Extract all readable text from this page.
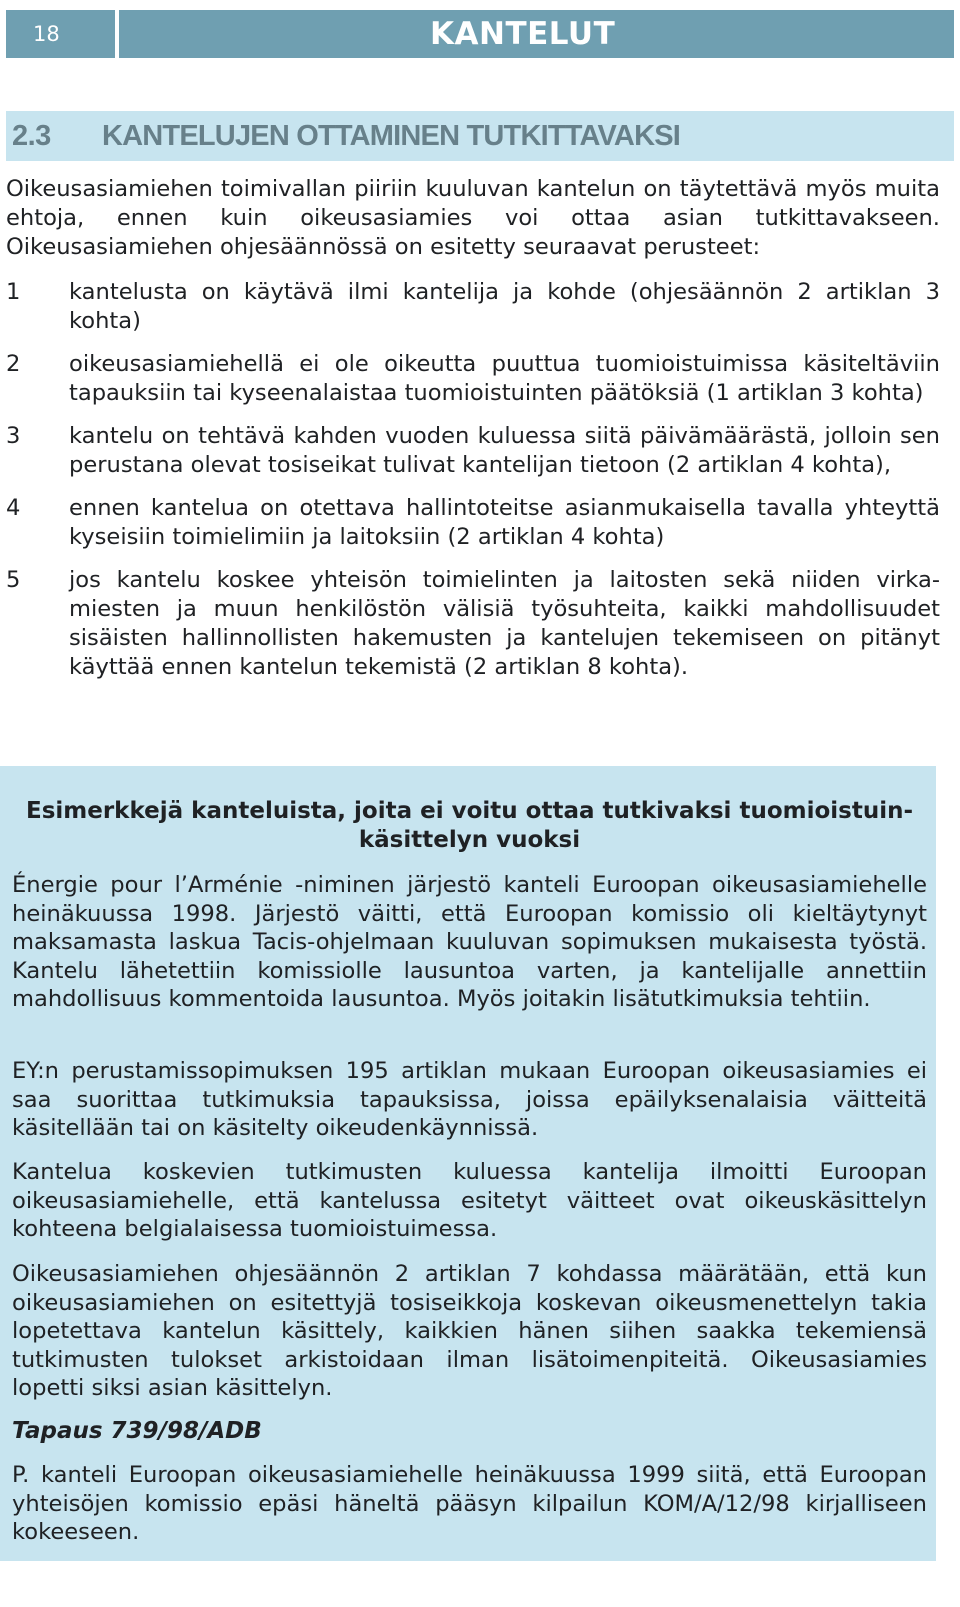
18	KANTELUT
2.3 KANTELUJEN OTTAMINEN TUTKITTAVAKSI

Oikeusasiamiehen toimivallan piiriin kuuluvan kantelun on täytettävä myös muita ehtoja, ennen kuin oikeusasiamies voi ottaa asian tutkittavakseen. Oikeusasiamiehen ohjesäännössä on esitetty seuraavat perusteet:

1 kantelusta on käytävä ilmi kantelija ja kohde (ohjesäännön 2 artiklan 3 kohta)
2 oikeusasiamiehellä ei ole oikeutta puuttua tuomioistuimissa käsiteltäviin tapauksiin tai kyseenalaistaa tuomioistuinten päätöksiä (1 artiklan 3 kohta)
3 kantelu on tehtävä kahden vuoden kuluessa siitä päivämäärästä, jolloin sen perustana olevat tosiseikat tulivat kantelijan tietoon (2 artiklan 4 kohta),
4 ennen kantelua on otettava hallintoteitse asianmukaisella tavalla yhteyttä kyseisiin toimielimiin ja laitoksiin (2 artiklan 4 kohta)
5 jos kantelu koskee yhteisön toimielinten ja laitosten sekä niiden virkamiesten ja muun henkilöstön välisiä työsuhteita, kaikki mahdollisuudet sisäisten hallinnollisten hakemusten ja kantelujen tekemiseen on pitänyt käyttää ennen kantelun tekemistä (2 artiklan 8 kohta).
Esimerkkejä kanteluista, joita ei voitu ottaa tutkivaksi tuomioistuinkäsittelyn vuoksi

Énergie pour l’Arménie -niminen järjestö kanteli Euroopan oikeusasiamiehelle heinäkuussa 1998. Järjestö väitti, että Euroopan komissio oli kieltäytynyt maksamasta laskua Tacis-ohjelmaan kuuluvan sopimuksen mukaisesta työstä. Kantelu lähetettiin komissiolle lausuntoa varten, ja kantelijalle annettiin mahdollisuus kommentoida lausuntoa. Myös joitakin lisätutkimuksia tehtiin.

EY:n perustamissopimuksen 195 artiklan mukaan Euroopan oikeusasiamies ei saa suorittaa tutkimuksia tapauksissa, joissa epäilyksenalaisia väitteitä käsitellään tai on käsitelty oikeudenkäynnissä.

Kantelua koskevien tutkimusten kuluessa kantelija ilmoitti Euroopan oikeusasiamiehelle, että kantelussa esitetyt väitteet ovat oikeuskäsittelyn kohteena belgialaisessa tuomioistuimessa.

Oikeusasiamiehen ohjesäännön 2 artiklan 7 kohdassa määrätään, että kun oikeusasiamiehen on esitettyjä tosiseikkoja koskevan oikeusmenettelyn takia lopetettava kantelun käsittely, kaikkien hänen siihen saakka tekemiensä tutkimusten tulokset arkistoidaan ilman lisätoimenpiteitä. Oikeusasiamies lopetti siksi asian käsittelyn.

Tapaus 739/98/ADB

P. kanteli Euroopan oikeusasiamiehelle heinäkuussa 1999 siitä, että Euroopan yhteisöjen komissio epäsi häneltä pääsyn kilpailun KOM/A/12/98 kirjalliseen kokeeseen.
